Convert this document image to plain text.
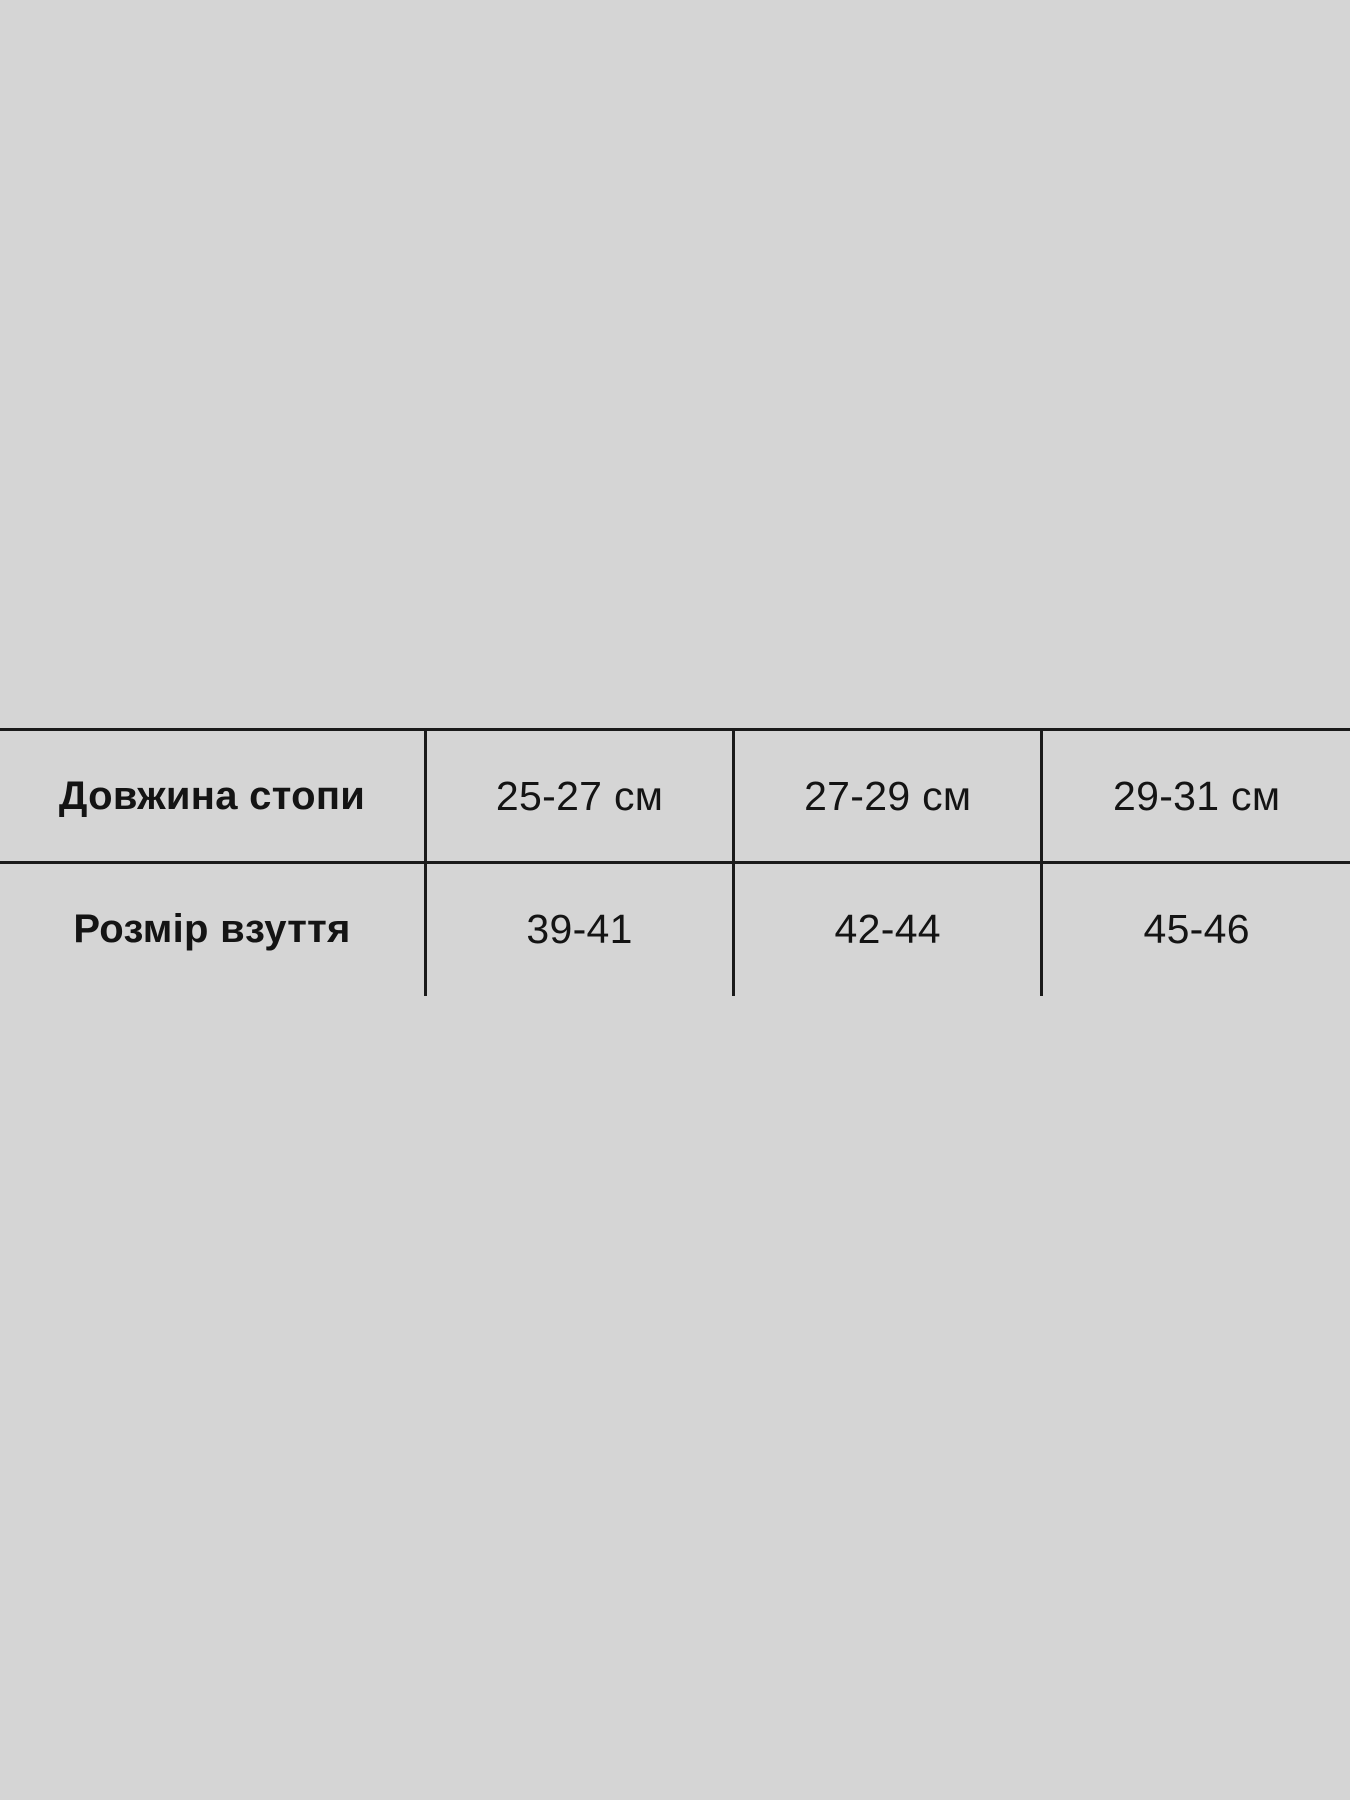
Довжина стопи	25-27 см	27-29 см	29-31 см
Розмір взуття	39-41	42-44	45-46
